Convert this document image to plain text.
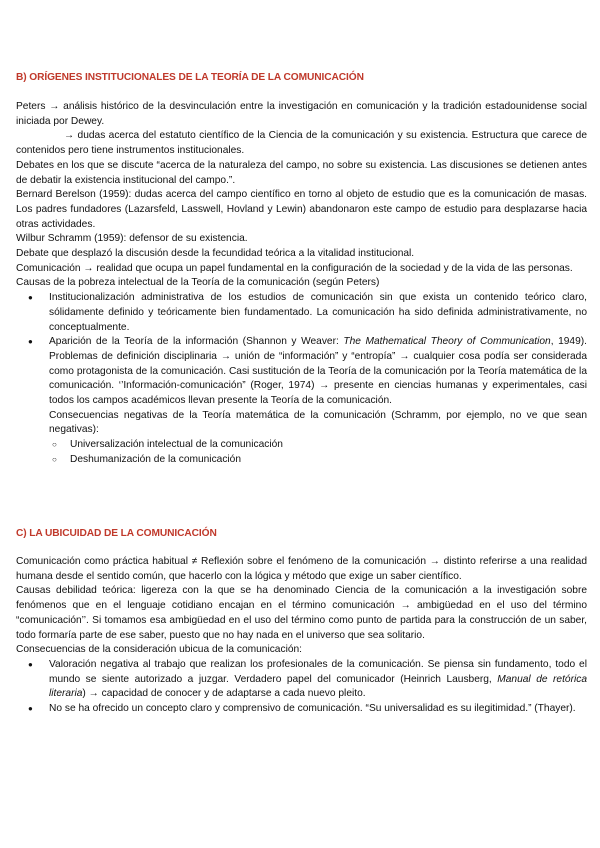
B) ORÍGENES INSTITUCIONALES DE LA TEORÍA DE LA COMUNICACIÓN

Peters → análisis histórico de la desvinculación entre la investigación en comunicación y la tradición estadounidense social iniciada por Dewey.

→ dudas acerca del estatuto científico de la Ciencia de la comunicación y su existencia. Estructura que carece de contenidos pero tiene instrumentos institucionales.

Debates en los que se discute “acerca de la naturaleza del campo, no sobre su existencia. Las discusiones se detienen antes de debatir la existencia institucional del campo.”.

Bernard Berelson (1959): dudas acerca del campo científico en torno al objeto de estudio que es la comunicación de masas. Los padres fundadores (Lazarsfeld, Lasswell, Hovland y Lewin) abandonaron este campo de estudio para desplazarse hacia otras actividades.

Wilbur Schramm (1959): defensor de su existencia.

Debate que desplazó la discusión desde la fecundidad teórica a la vitalidad institucional.

Comunicación → realidad que ocupa un papel fundamental en la configuración de la sociedad y de la vida de las personas.

Causas de la pobreza intelectual de la Teoría de la comunicación (según Peters)

● Institucionalización administrativa de los estudios de comunicación sin que exista un contenido teórico claro, sólidamente definido y teóricamente bien fundamentado. La comunicación ha sido definida administrativamente, no conceptualmente.
● Aparición de la Teoría de la información (Shannon y Weaver: The Mathematical Theory of Communication, 1949). Problemas de definición disciplinaria → unión de “información” y “entropía” → cualquier cosa podía ser considerada como protagonista de la comunicación. Casi sustitución de la Teoría de la comunicación por la Teoría matemática de la comunicación. ‘’Información-comunicación” (Roger, 1974) → presente en ciencias humanas y experimentales, casi todos los campos académicos llevan presente la Teoría de la comunicación.
Consecuencias negativas de la Teoría matemática de la comunicación (Schramm, por ejemplo, no ve que sean negativas):
○ Universalización intelectual de la comunicación
○ Deshumanización de la comunicación
C) LA UBICUIDAD DE LA COMUNICACIÓN

Comunicación como práctica habitual ≠ Reflexión sobre el fenómeno de la comunicación → distinto referirse a una realidad humana desde el sentido común, que hacerlo con la lógica y método que exige un saber científico.

Causas debilidad teórica: ligereza con la que se ha denominado Ciencia de la comunicación a la investigación sobre fenómenos que en el lenguaje cotidiano encajan en el término comunicación → ambigüedad en el uso del término “comunicación’’. Si tomamos esa ambigüedad en el uso del término como punto de partida para la construcción de un saber, todo formaría parte de ese saber, puesto que no hay nada en el universo que sea solitario.

Consecuencias de la consideración ubicua de la comunicación:

● Valoración negativa al trabajo que realizan los profesionales de la comunicación. Se piensa sin fundamento, todo el mundo se siente autorizado a juzgar. Verdadero papel del comunicador (Heinrich Lausberg, Manual de retórica literaria) → capacidad de conocer y de adaptarse a cada nuevo pleito.
● No se ha ofrecido un concepto claro y comprensivo de comunicación. “Su universalidad es su ilegitimidad.” (Thayer).
